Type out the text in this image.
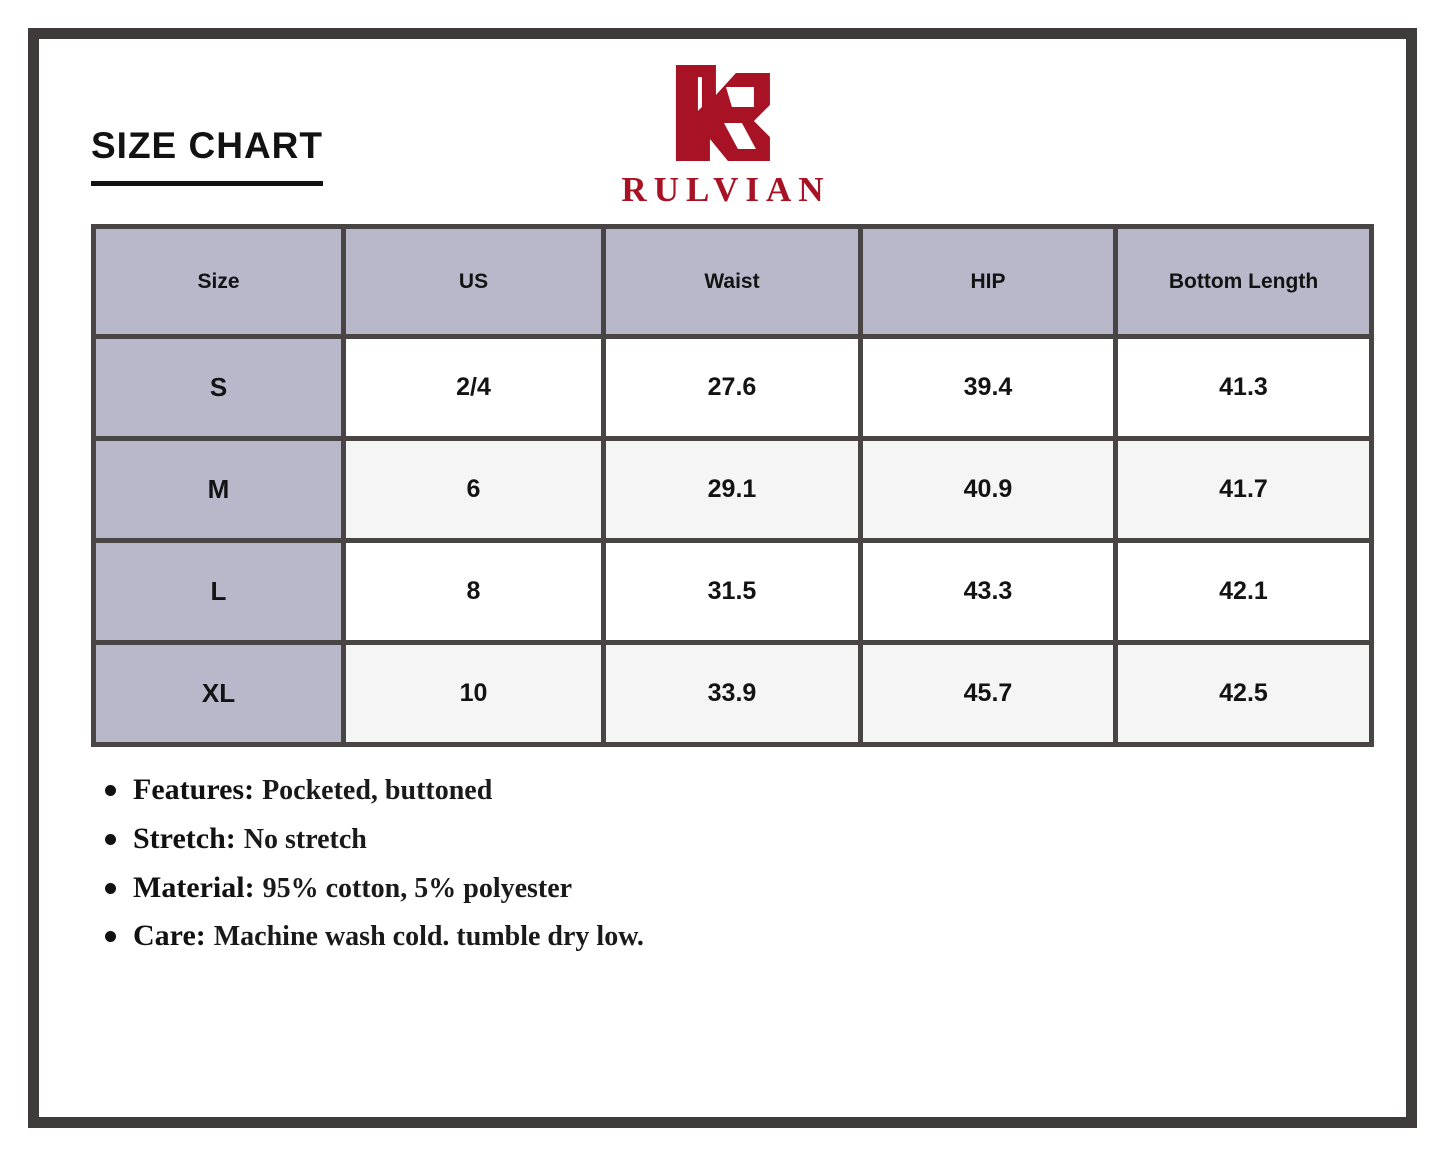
SIZE CHART
RULVIAN
Size	US	Waist	HIP	Bottom Length
S	2/4	27.6	39.4	41.3
M	6	29.1	40.9	41.7
L	8	31.5	43.3	42.1
XL	10	33.9	45.7	42.5
Features: Pocketed, buttoned
Stretch: No stretch
Material: 95% cotton, 5% polyester
Care: Machine wash cold. tumble dry low.
